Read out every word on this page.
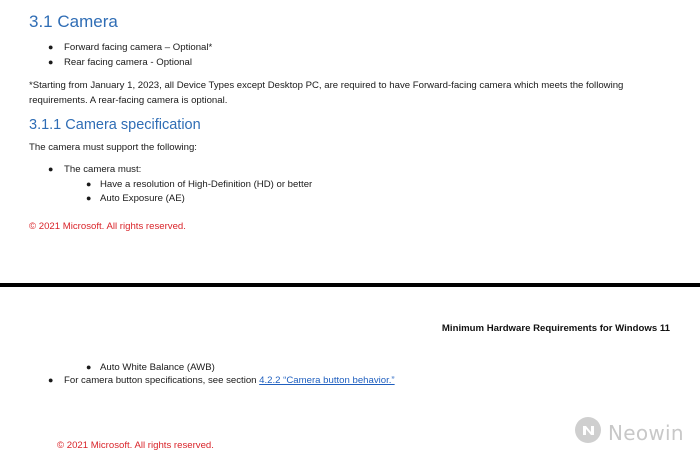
3.1 Camera
● Forward facing camera – Optional*
● Rear facing camera - Optional
*Starting from January 1, 2023, all Device Types except Desktop PC, are required to have Forward-facing camera which meets the following
requirements. A rear-facing camera is optional.
3.1.1 Camera specification
The camera must support the following:
● The camera must:
● Have a resolution of High-Definition (HD) or better
● Auto Exposure (AE)
© 2021 Microsoft. All rights reserved.
Minimum Hardware Requirements for Windows 11
● Auto White Balance (AWB)
● For camera button specifications, see section 4.2.2 “Camera button behavior.”
© 2021 Microsoft. All rights reserved.
Neowin
